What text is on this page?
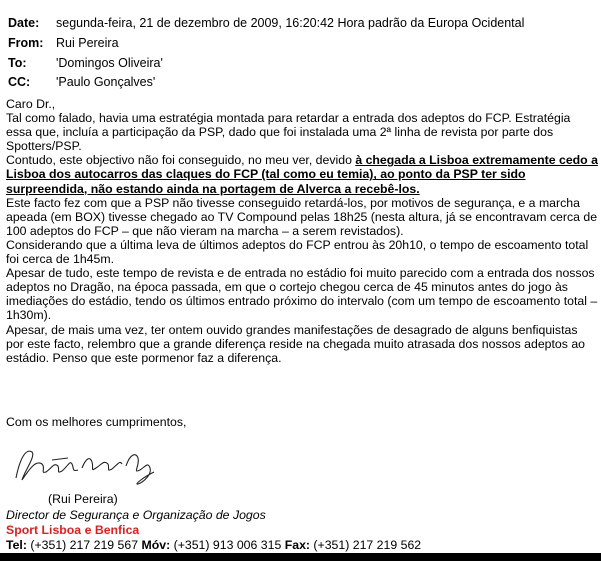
Date: segunda-feira, 21 de dezembro de 2009, 16:20:42 Hora padrão da Europa Ocidental
From: Rui Pereira
To: 'Domingos Oliveira'
CC: 'Paulo Gonçalves'

Caro Dr.,

Tal como falado, havia uma estratégia montada para retardar a entrada dos adeptos do FCP. Estratégia essa que, incluía a participação da PSP, dado que foi instalada uma 2ª linha de revista por parte dos Spotters/PSP.

Contudo, este objectivo não foi conseguido, no meu ver, devido à chegada a Lisboa extremamente cedo a Lisboa dos autocarros das claques do FCP (tal como eu temia), ao ponto da PSP ter sido surpreendida, não estando ainda na portagem de Alverca a recebê-los.

Este facto fez com que a PSP não tivesse conseguido retardá-los, por motivos de segurança, e a marcha apeada (em BOX) tivesse chegado ao TV Compound pelas 18h25 (nesta altura, já se encontravam cerca de 100 adeptos do FCP – que não vieram na marcha – a serem revistados).

Considerando que a última leva de últimos adeptos do FCP entrou às 20h10, o tempo de escoamento total foi cerca de 1h45m.

Apesar de tudo, este tempo de revista e de entrada no estádio foi muito parecido com a entrada dos nossos adeptos no Dragão, na época passada, em que o cortejo chegou cerca de 45 minutos antes do jogo às imediações do estádio, tendo os últimos entrado próximo do intervalo (com um tempo de escoamento total – 1h30m).

Apesar, de mais uma vez, ter ontem ouvido grandes manifestações de desagrado de alguns benfiquistas por este facto, relembro que a grande diferença reside na chegada muito atrasada dos nossos adeptos ao estádio. Penso que este pormenor faz a diferença.

Com os melhores cumprimentos,
(Rui Pereira)
Director de Segurança e Organização de Jogos
Sport Lisboa e Benfica
Tel: (+351) 217 219 567 Móv: (+351) 913 006 315 Fax: (+351) 217 219 562
